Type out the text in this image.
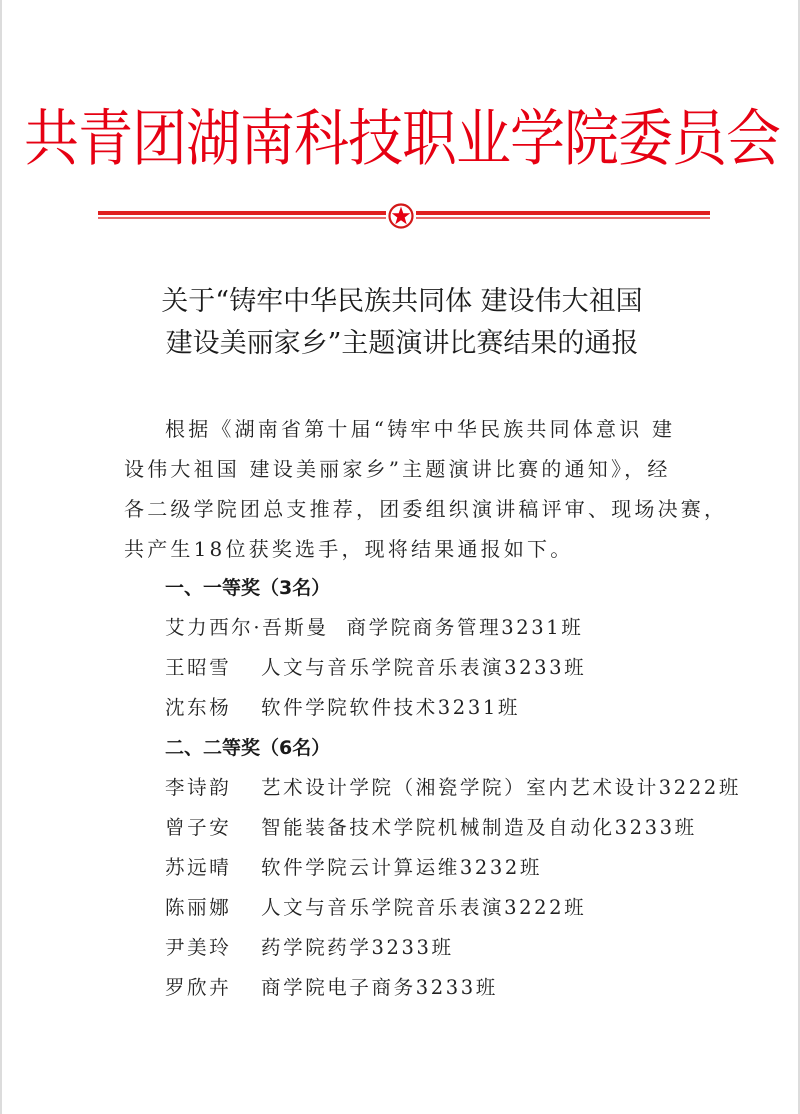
共青团湖南科技职业学院委员会
关于“铸牢中华民族共同体 建设伟大祖国
建设美丽家乡”主题演讲比赛结果的通报
根据《湖南省第十届“铸牢中华民族共同体意识 建
设伟大祖国 建设美丽家乡”主题演讲比赛的通知》，经
各二级学院团总支推荐，团委组织演讲稿评审、现场决赛，
共产生18位获奖选手，现将结果通报如下。
一、一等奖（3名）
艾力西尔·吾斯曼 商学院商务管理3231班
王昭雪 人文与音乐学院音乐表演3233班
沈东杨 软件学院软件技术3231班
二、二等奖（6名）
李诗韵 艺术设计学院（湘瓷学院）室内艺术设计3222班
曾子安 智能装备技术学院机械制造及自动化3233班
苏远晴 软件学院云计算运维3232班
陈丽娜 人文与音乐学院音乐表演3222班
尹美玲 药学院药学3233班
罗欣卉 商学院电子商务3233班
